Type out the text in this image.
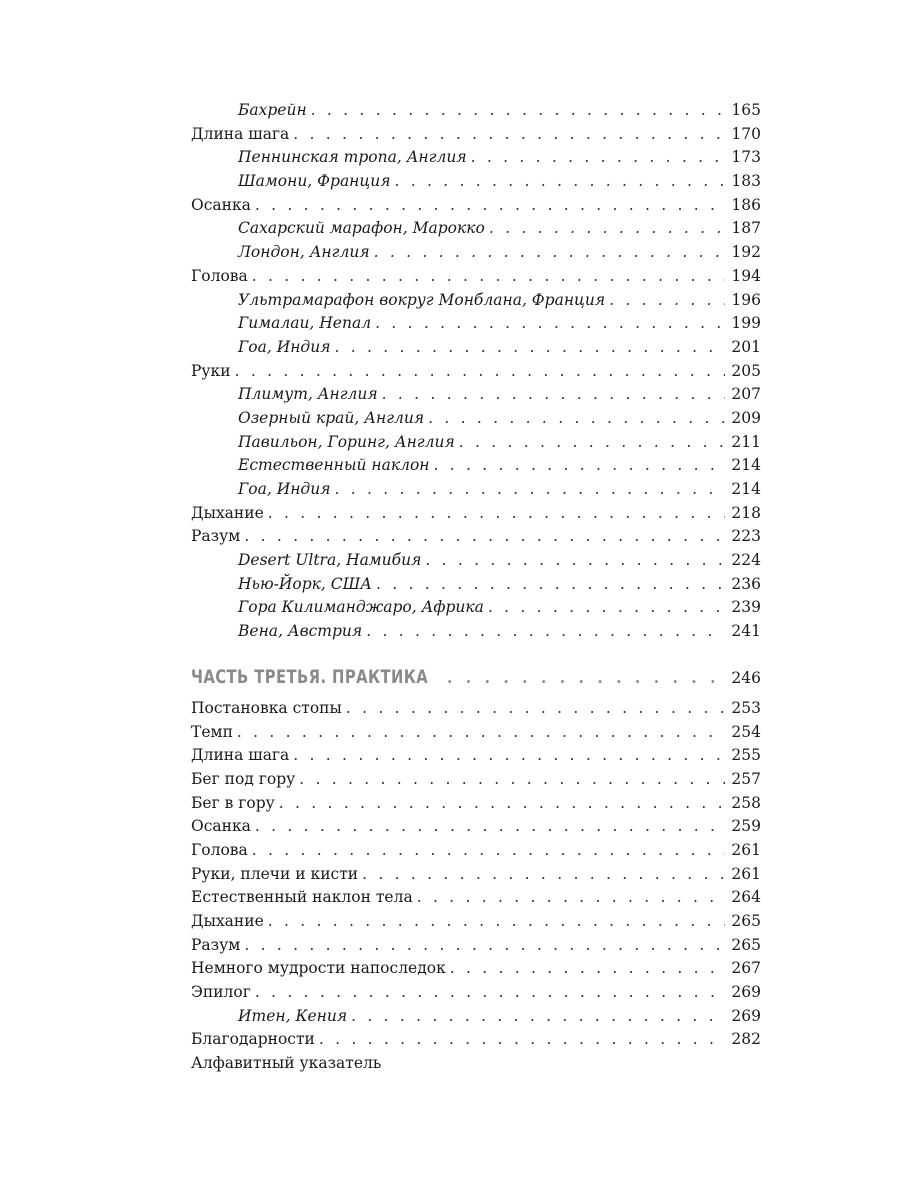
Бахрейн . . .	165
Длина шага . . .	170
Пеннинская тропа, Англия . . .	173
Шамони, Франция . . .	183
Осанка . . .	186
Сахарский марафон, Марокко . . .	187
Лондон, Англия . . .	192
Голова . . .	194
Ультрамарафон вокруг Монблана, Франция . . .	196
Гималаи, Непал . . .	199
Гоа, Индия . . .	201
Руки . . .	205
Плимут, Англия . . .	207
Озерный край, Англия . . .	209
Павильон, Горинг, Англия . . .	211
Естественный наклон . . .	214
Гоа, Индия . . .	214
Дыхание . . .	218
Разум . . .	223
Desert Ultra, Намибия . . .	224
Нью-Йорк, США . . .	236
Гора Килиманджаро, Африка . . .	239
Вена, Австрия . . .	241
ЧАСТЬ ТРЕТЬЯ. ПРАКТИКА . . .	246
Постановка стопы . . .	253
Темп . . .	254
Длина шага . . .	255
Бег под гору . . .	257
Бег в гору . . .	258
Осанка . . .	259
Голова . . .	261
Руки, плечи и кисти . . .	261
Естественный наклон тела . . .	264
Дыхание . . .	265
Разум . . .	265
Немного мудрости напоследок . . .	267
Эпилог . . .	269
Итен, Кения . . .	269
Благодарности . . .	282
Алфавитный указатель
